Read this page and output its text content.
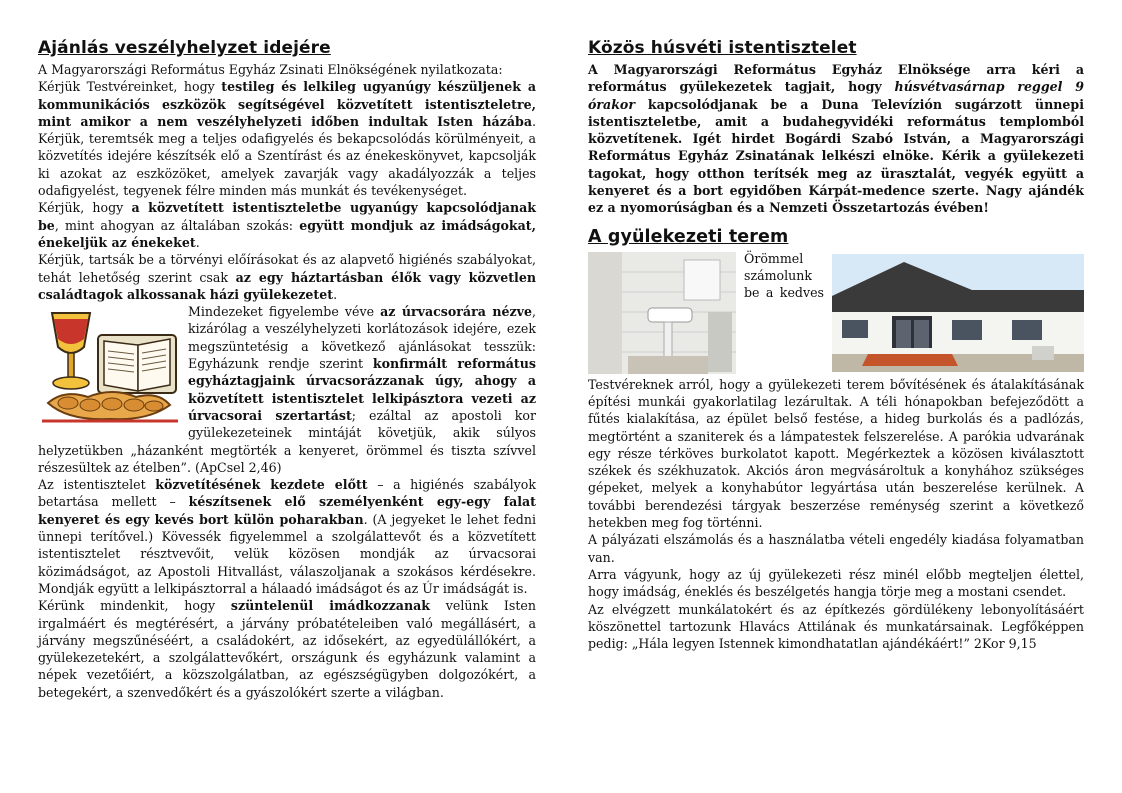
Ajánlás veszélyhelyzet idejére

A Magyarországi Református Egyház Zsinati Elnökségének nyilatkozata:

Kérjük Testvéreinket, hogy testileg és lelkileg ugyanúgy készüljenek a kommunikációs eszközök segítségével közvetített istentiszteletre, mint amikor a nem veszélyhelyzeti időben indultak Isten házába. Kérjük, teremtsék meg a teljes odafigyelés és bekapcsolódás körülményeit, a közvetítés idejére készítsék elő a Szentírást és az énekeskönyvet, kapcsolják ki azokat az eszközöket, amelyek zavarják vagy akadályozzák a teljes odafigyelést, tegyenek félre minden más munkát és tevékenységet.

Kérjük, hogy a közvetített istentiszteletbe ugyanúgy kapcsolódjanak be, mint ahogyan az általában szokás: együtt mondjuk az imádságokat, énekeljük az énekeket.

Kérjük, tartsák be a törvényi előírásokat és az alapvető higiénés szabályokat, tehát lehetőség szerint csak az egy háztartásban élők vagy közvetlen családtagok alkossanak házi gyülekezetet.

Mindezeket figyelembe véve az úrvacsorára nézve, kizárólag a veszélyhelyzeti korlátozások idejére, ezek megszüntetésig a következő ajánlásokat tesszük: Egyházunk rendje szerint konfirmált református egyháztagjaink úrvacsorázzanak úgy, ahogy a közvetített istentisztelet lelkipásztora vezeti az úrvacsorai szertartást; ezáltal az apostoli kor gyülekezeteinek mintáját követjük, akik súlyos helyzetükben „házanként megtörték a kenyeret, örömmel és tiszta szívvel részesültek az ételben”. (ApCsel 2,46)

Az istentisztelet közvetítésének kezdete előtt – a higiénés szabályok betartása mellett – készítsenek elő személyenként egy-egy falat kenyeret és egy kevés bort külön poharakban. (A jegyeket le lehet fedni ünnepi terítővel.) Kövessék figyelemmel a szolgálattevőt és a közvetített istentisztelet résztvevőit, velük közösen mondják az úrvacsorai közimádságot, az Apostoli Hitvallást, válaszoljanak a szokásos kérdésekre. Mondják együtt a lelkipásztorral a hálaadó imádságot és az Úr imádságát is.

Kérünk mindenkit, hogy szüntelenül imádkozzanak velünk Isten irgalmáért és megtérésért, a járvány próbatételeiben való megállásért, a járvány megszűnéséért, a családokért, az idősekért, az egyedülállókért, a gyülekezetekért, a szolgálattevőkért, országunk és egyházunk valamint a népek vezetőiért, a közszolgálatban, az egészségügyben dolgozókért, a betegekért, a szenvedőkért és a gyászolókért szerte a világban.

Közös húsvéti istentisztelet

A Magyarországi Református Egyház Elnöksége arra kéri a református gyülekezetek tagjait, hogy húsvétvasárnap reggel 9 órakor kapcsolódjanak be a Duna Televízión sugárzott ünnepi istentiszteletbe, amit a budahegyvidéki református templomból közvetítenek. Igét hirdet Bogárdi Szabó István, a Magyarországi Református Egyház Zsinatának lelkészi elnöke. Kérik a gyülekezeti tagokat, hogy otthon terítsék meg az ürasztalát, vegyék együtt a kenyeret és a bort egyidőben Kárpát-medence szerte. Nagy ajándék ez a nyomorúságban és a Nemzeti Összetartozás évében!

A gyülekezeti terem

Örömmel számolunk be a kedves Testvéreknek arról, hogy a gyülekezeti terem bővítésének és átalakításának építési munkái gyakorlatilag lezárultak. A téli hónapokban befejeződött a fűtés kialakítása, az épület belső festése, a hideg burkolás és a padlózás, megtörtént a szaniterek és a lámpatestek felszerelése. A parókia udvarának egy része térköves burkolatot kapott. Megérkeztek a közösen kiválasztott székek és székhuzatok. Akciós áron megvásároltuk a konyhához szükséges gépeket, melyek a konyhabútor legyártása után beszerelése kerülnek. A további berendezési tárgyak beszerzése reménység szerint a következő hetekben meg fog történni.

A pályázati elszámolás és a használatba vételi engedély kiadása folyamatban van.

Arra vágyunk, hogy az új gyülekezeti rész minél előbb megteljen élettel, hogy imádság, éneklés és beszélgetés hangja törje meg a mostani csendet.

Az elvégzett munkálatokért és az építkezés gördülékeny lebonyolításáért köszönettel tartozunk Hlavács Attilának és munkatársainak. Legfőképpen pedig: „Hála legyen Istennek kimondhatatlan ajándékáért!” 2Kor 9,15
